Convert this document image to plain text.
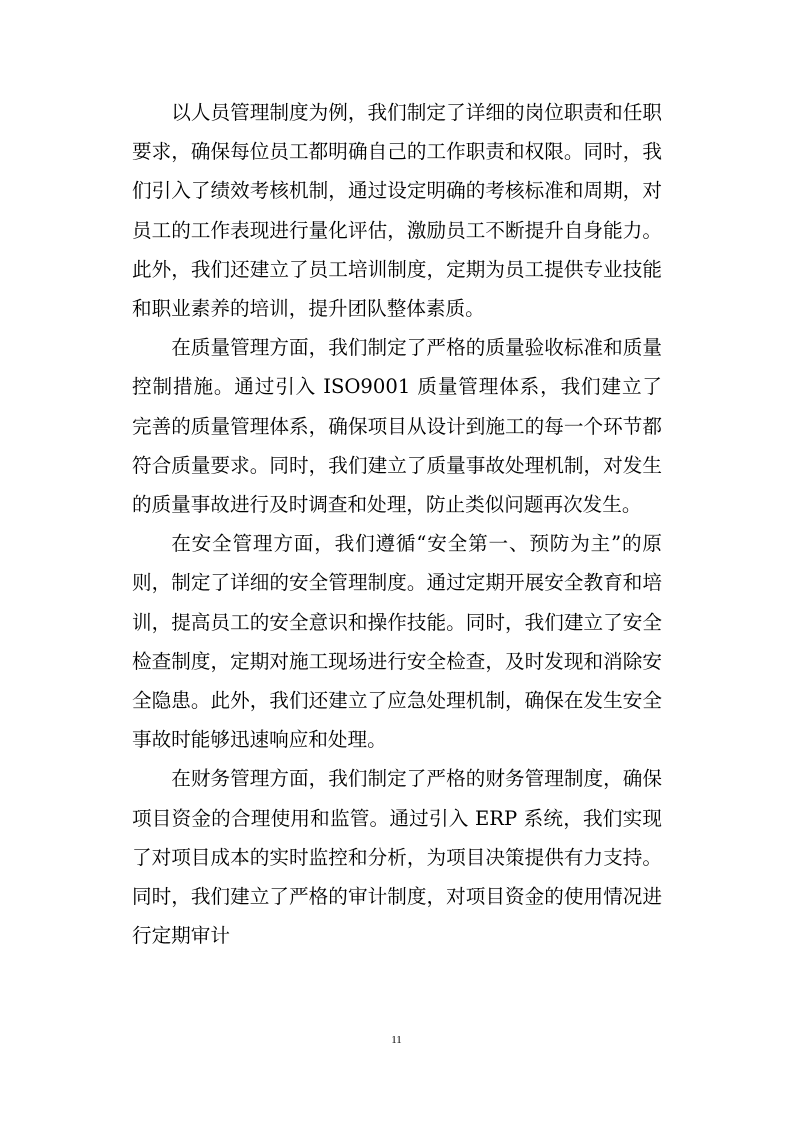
以人员管理制度为例，我们制定了详细的岗位职责和任职要求，确保每位员工都明确自己的工作职责和权限。同时，我们引入了绩效考核机制，通过设定明确的考核标准和周期，对员工的工作表现进行量化评估，激励员工不断提升自身能力。此外，我们还建立了员工培训制度，定期为员工提供专业技能和职业素养的培训，提升团队整体素质。

在质量管理方面，我们制定了严格的质量验收标准和质量控制措施。通过引入 ISO9001 质量管理体系，我们建立了完善的质量管理体系，确保项目从设计到施工的每一个环节都符合质量要求。同时，我们建立了质量事故处理机制，对发生的质量事故进行及时调查和处理，防止类似问题再次发生。

在安全管理方面，我们遵循“安全第一、预防为主”的原则，制定了详细的安全管理制度。通过定期开展安全教育和培训，提高员工的安全意识和操作技能。同时，我们建立了安全检查制度，定期对施工现场进行安全检查，及时发现和消除安全隐患。此外，我们还建立了应急处理机制，确保在发生安全事故时能够迅速响应和处理。

在财务管理方面，我们制定了严格的财务管理制度，确保项目资金的合理使用和监管。通过引入 ERP 系统，我们实现了对项目成本的实时监控和分析，为项目决策提供有力支持。同时，我们建立了严格的审计制度，对项目资金的使用情况进行定期审计

11
